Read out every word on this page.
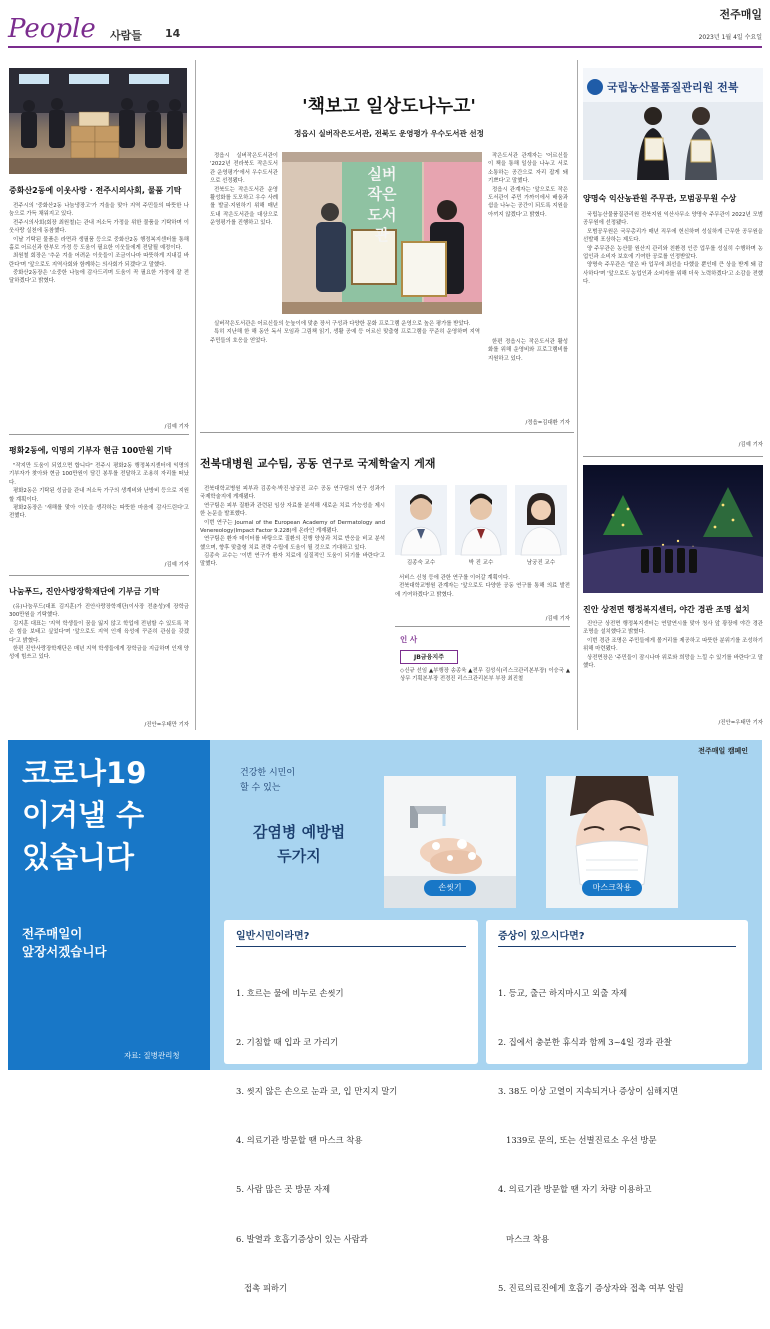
People 사람들 14
전주매일
2023년 1월 4일 수요일
중화산2동에 이웃사랑 · 전주시의사회, 물품 기탁

전주시의 '중화산2동 나눔냉장고'가 겨울을 맞아 지역 주민들의 따뜻한 나눔으로 가득 채워지고 있다.

전주시의사회(회장 최원철)는 관내 저소득 가정을 위한 물품을 기탁하며 이웃사랑 실천에 동참했다.

이날 기탁된 물품은 라면과 생필품 등으로 중화산2동 행정복지센터를 통해 홀로 어르신과 한부모 가정 등 도움이 필요한 이웃들에게 전달될 예정이다.

최원철 회장은 '추운 겨울 어려운 이웃들이 조금이나마 따뜻하게 지내길 바란다'며 '앞으로도 지역사회와 함께하는 의사회가 되겠다'고 말했다.

중화산2동장은 '소중한 나눔에 감사드리며 도움이 꼭 필요한 가정에 잘 전달하겠다'고 밝혔다.

/김예 기자
평화2동에, 익명의 기부자 현금 100만원 기탁

"작지만 도움이 되었으면 합니다" 전주시 평화2동 행정복지센터에 익명의 기부자가 찾아와 현금 100만원이 담긴 봉투를 전달하고 조용히 자리를 떠났다.

평화2동은 기탁된 성금을 관내 저소득 가구의 생계비와 난방비 등으로 지원할 계획이다.

평화2동장은 '새해를 맞아 이웃을 생각하는 따뜻한 마음에 감사드린다'고 전했다.

/김예 기자
나눔푸드, 진안사랑장학재단에 기부금 기탁

(유)나눔푸드(대표 김지훈)가 진안사랑장학재단(이사장 전춘성)에 장학금 300만원을 기탁했다.

김지훈 대표는 '지역 학생들이 꿈을 잃지 않고 학업에 전념할 수 있도록 작은 힘을 보태고 싶었다'며 '앞으로도 지역 인재 육성에 꾸준히 관심을 갖겠다'고 밝혔다.

한편 진안사랑장학재단은 매년 지역 학생들에게 장학금을 지급하며 인재 양성에 힘쓰고 있다.

/진안=우태만 기자
'책보고 일상도나누고'
정읍시 실버작은도서관, 전북도 운영평가 우수도서관 선정

정읍시 실버작은도서관이 '2022년 전라북도 작은도서관 운영평가'에서 우수도서관으로 선정됐다.

전북도는 작은도서관 운영 활성화를 도모하고 우수 사례를 발굴·지원하기 위해 매년 도내 작은도서관을 대상으로 운영평가를 진행하고 있다.

실버
작은
도서관

작은도서관 관계자는 '어르신들이 책을 통해 일상을 나누고 서로 소통하는 공간으로 자리 잡게 돼 기쁘다'고 말했다.

정읍시 관계자는 '앞으로도 작은도서관이 주민 가까이에서 배움과 쉼을 나누는 공간이 되도록 지원을 아끼지 않겠다'고 밝혔다.

실버작은도서관은 어르신들의 눈높이에 맞춘 장서 구성과 다양한 문화 프로그램 운영으로 높은 평가를 받았다.

특히 지난해 한 해 동안 독서 모임과 그림책 읽기, 생활 공예 등 어르신 맞춤형 프로그램을 꾸준히 운영하며 지역 주민들의 호응을 얻었다.	한편 정읍시는 작은도서관 활성화를 위해 운영비와 프로그램비를 지원하고 있다.

/정읍=김대환 기자
전북대병원 교수팀, 공동 연구로 국제학술지 게재

전북대학교병원 피부과 김종숙·박진·남궁진 교수 공동 연구팀의 연구 성과가 국제학술지에 게재됐다.

연구팀은 피부 질환과 관련된 임상 자료를 분석해 새로운 치료 가능성을 제시한 논문을 발표했다.

이번 연구는 Journal of the European Academy of Dermatology and Venereology(Impact Factor 9.228)에 온라인 게재됐다.

연구팀은 환자 데이터를 바탕으로 질환의 진행 양상과 치료 반응을 비교 분석했으며, 향후 맞춤형 치료 전략 수립에 도움이 될 것으로 기대하고 있다.

김종숙 교수는 '이번 연구가 환자 치료에 실질적인 도움이 되기를 바란다'고 말했다.	김종숙 교수	박 진 교수	남궁진 교수

서비스 신청 등에 관한 연구를 이어갈 계획이다.

전북대학교병원 관계자는 '앞으로도 다양한 공동 연구를 통해 의료 발전에 기여하겠다'고 밝혔다.

/김예 기자
인 사
JB금융지주
◇신규 선임 ▲부행장 송종욱 ▲전무 김성식(리스크관리본부장) 이승국 ▲상무 기획본부장 전경진 리스크관리본부 부장 최진철
국립농산물품질관리원 전북
양명숙 익산농관원 주무관, 모범공무원 수상

국립농산물품질관리원 전북지원 익산사무소 양명숙 주무관이 2022년 모범공무원에 선정됐다.

모범공무원은 국무총리가 매년 직무에 헌신하며 성실하게 근무한 공무원을 선발해 포상하는 제도다.

양 주무관은 농산물 원산지 관리와 친환경 인증 업무를 성실히 수행하며 농업인과 소비자 보호에 기여한 공로를 인정받았다.

양명숙 주무관은 '맡은 바 업무에 최선을 다했을 뿐인데 큰 상을 받게 돼 감사하다'며 '앞으로도 농업인과 소비자를 위해 더욱 노력하겠다'고 소감을 전했다.

/김예 기자
진안 상전면 행정복지센터, 야간 경관 조명 설치

진안군 상전면 행정복지센터는 연말연시를 맞아 청사 앞 광장에 야간 경관 조명을 설치했다고 밝혔다.

이번 경관 조명은 주민들에게 볼거리를 제공하고 따뜻한 분위기를 조성하기 위해 마련됐다.

상전면장은 '주민들이 잠시나마 위로와 희망을 느낄 수 있기를 바란다'고 말했다.

/진안=우태만 기자
코로나19
이겨낼 수
있습니다
전주매일이
앞장서겠습니다
자료: 질병관리청
전주매일 캠페인
건강한 시민이
할 수 있는
감염병 예방법
두가지
손씻기	마스크착용
일반시민이라면?

1. 흐르는 물에 비누로 손씻기

2. 기침할 때 입과 코 가리기

3. 씻지 않은 손으로 눈과 코, 입 만지지 말기

4. 의료기관 방문할 땐 마스크 착용

5. 사람 많은 곳 방문 자제

6. 발열과 호흡기증상이 있는 사람과

접촉 피하기

증상이 있으시다면?

1. 등교, 출근 하지마시고 외출 자제

2. 집에서 충분한 휴식과 함께 3~4일 경과 관찰

3. 38도 이상 고열이 지속되거나 증상이 심해지면

1339로 문의, 또는 선별진료소 우선 방문

4. 의료기관 방문할 땐 자기 차량 이용하고

마스크 착용

5. 진료의료진에게 호흡기 증상자와 접촉 여부 알림
